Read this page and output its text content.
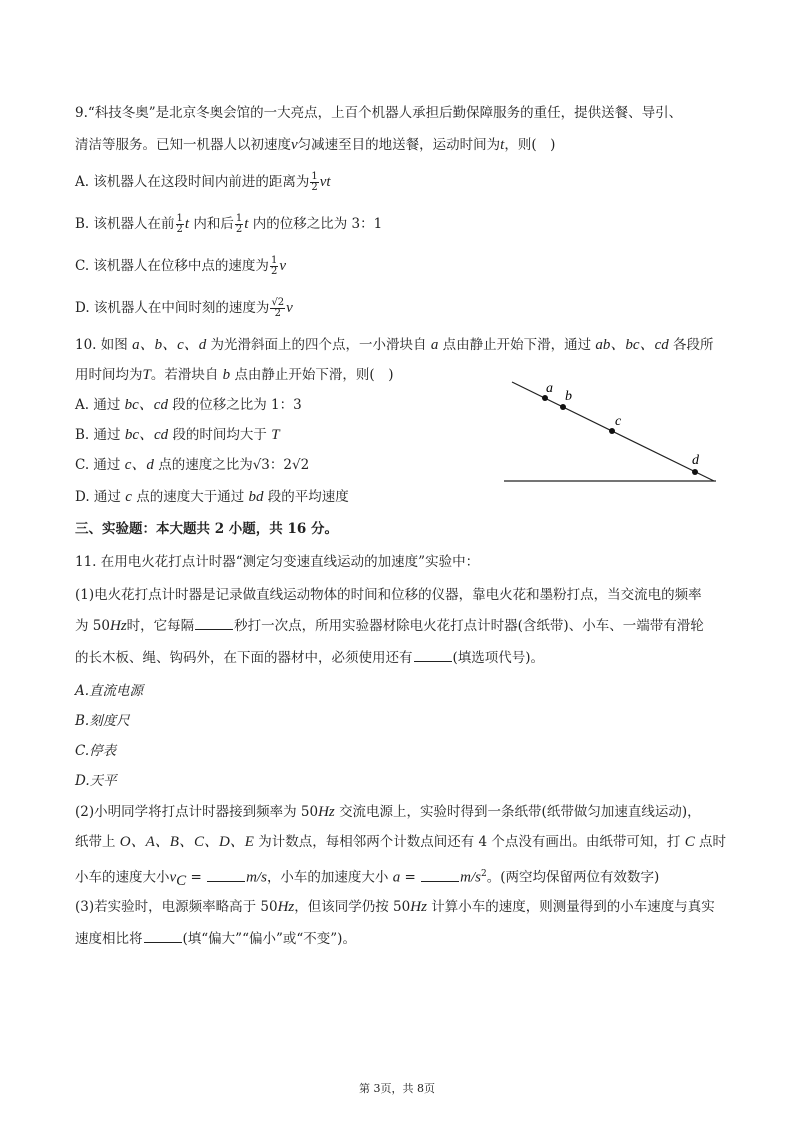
9.“科技冬奥”是北京冬奥会馆的一大亮点，上百个机器人承担后勤保障服务的重任，提供送餐、导引、
清洁等服务。已知一机器人以初速度v匀减速至目的地送餐，运动时间为t，则(　)
A. 该机器人在这段时间内前进的距离为 $\frac{1}{2}$ vt
B. 该机器人在前 $\frac{1}{2}$ t 内和后 $\frac{1}{2}$ t 内的位移之比为 3：1
C. 该机器人在位移中点的速度为 $\frac{1}{2}$ v
D. 该机器人在中间时刻的速度为 $\frac{√2}{2}$ v
10. 如图 a、b、c、d 为光滑斜面上的四个点，一小滑块自 a 点由静止开始下滑，通过 ab、bc、cd 各段所
用时间均为T。若滑块自 b 点由静止开始下滑，则(　)
A. 通过 bc、cd 段的位移之比为 1：3
B. 通过 bc、cd 段的时间均大于 T
C. 通过 c、d 点的速度之比为√3：2√2
D. 通过 c 点的速度大于通过 bd 段的平均速度
a
b
c
d
三、实验题：本大题共 2 小题，共 16 分。
11. 在用电火花打点计时器“测定匀变速直线运动的加速度”实验中：
(1)电火花打点计时器是记录做直线运动物体的时间和位移的仪器，靠电火花和墨粉打点，当交流电的频率
为 50Hz时，它每隔	秒打一次点，所用实验器材除电火花打点计时器(含纸带)、小车、一端带有滑轮
的长木板、绳、钩码外，在下面的器材中，必须使用还有	(填选项代号)。
A.直流电源
B.刻度尺
C.停表
D.天平
(2)小明同学将打点计时器接到频率为 50Hz 交流电源上，实验时得到一条纸带(纸带做匀加速直线运动)，
纸带上 O、A、B、C、D、E 为计数点，每相邻两个计数点间还有 4 个点没有画出。由纸带可知，打 C 点时
小车的速度大小$v_C$ =	m/s，小车的加速度大小 a =	$m/s^2$。(两空均保留两位有效数字)
(3)若实验时，电源频率略高于 50Hz，但该同学仍按 50Hz 计算小车的速度，则测量得到的小车速度与真实
速度相比将	(填“偏大”“偏小”或“不变”)。
第 3页，共 8页
